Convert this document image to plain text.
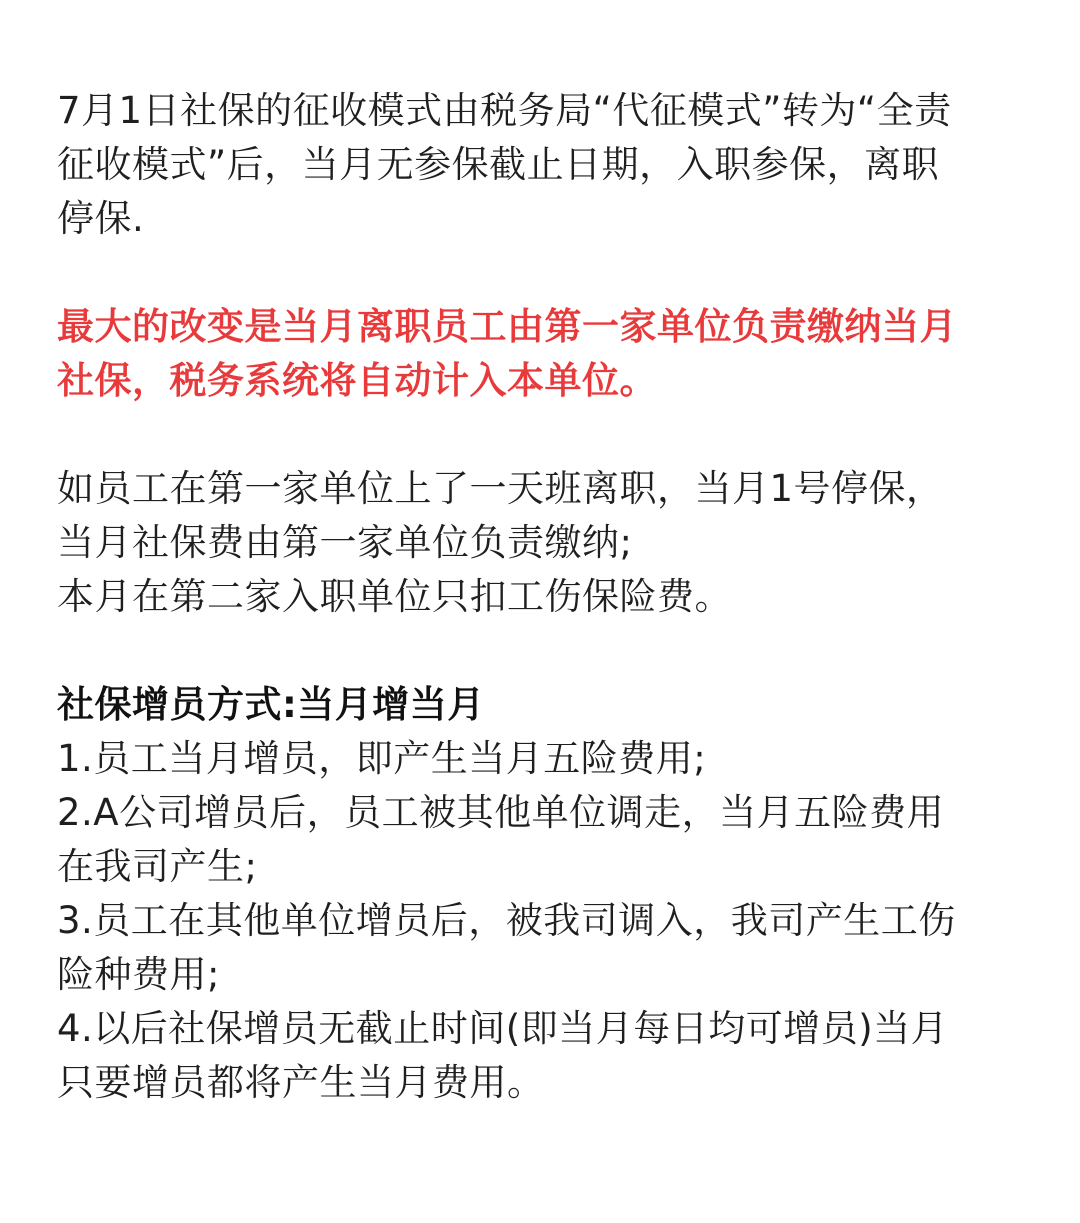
7月1日社保的征收模式由税务局“代征模式”转为“全责

征收模式”后，当月无参保截止日期，入职参保，离职

停保.

最大的改变是当月离职员工由第一家单位负责缴纳当月

社保，税务系统将自动计入本单位。

如员工在第一家单位上了一天班离职，当月1号停保，

当月社保费由第一家单位负责缴纳;

本月在第二家入职单位只扣工伤保险费。

社保增员方式:当月增当月

1.员工当月增员，即产生当月五险费用;

2.A公司增员后，员工被其他单位调走，当月五险费用

在我司产生;

3.员工在其他单位增员后，被我司调入，我司产生工伤

险种费用;

4.以后社保增员无截止时间(即当月每日均可增员)当月

只要增员都将产生当月费用。
